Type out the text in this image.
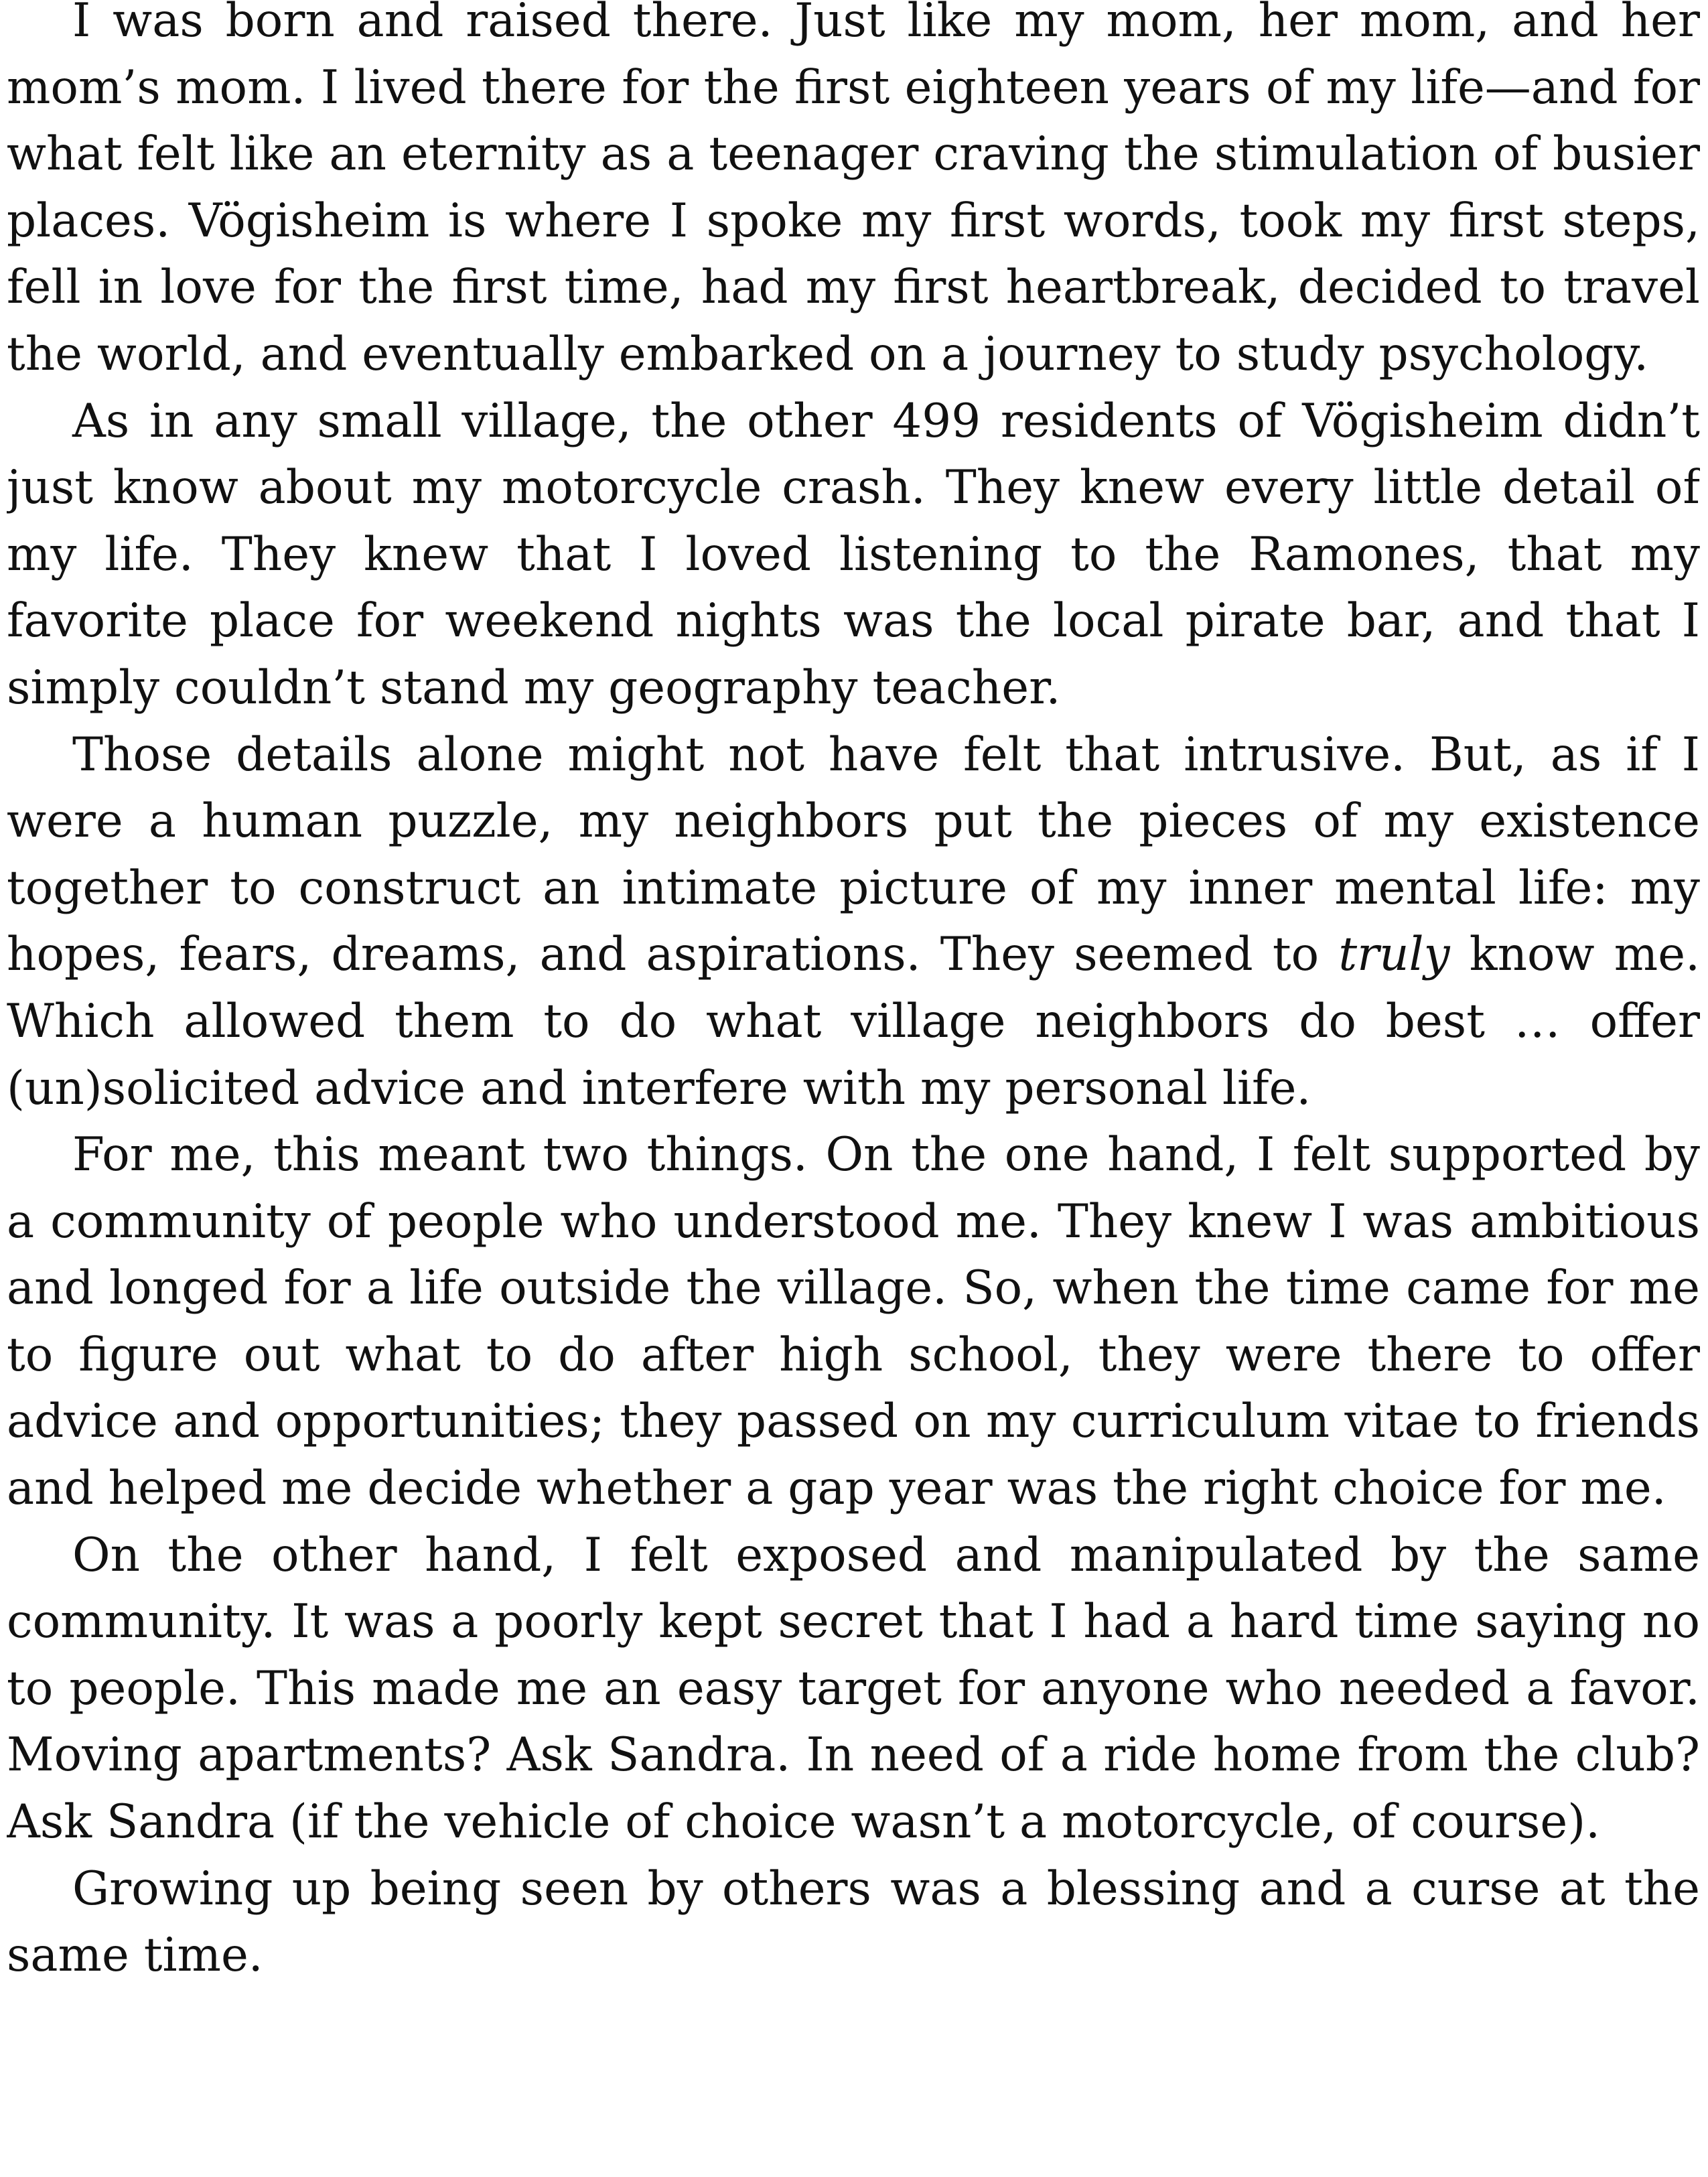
I was born and raised there. Just like my mom, her mom, and her mom’s mom. I lived there for the first eighteen years of my life—and for what felt like an eternity as a teenager craving the stimulation of busier places. Vögisheim is where I spoke my first words, took my first steps, fell in love for the first time, had my first heartbreak, decided to travel the world, and eventually embarked on a journey to study psychology.

As in any small village, the other 499 residents of Vögisheim didn’t just know about my motorcycle crash. They knew every little detail of my life. They knew that I loved listening to the Ramones, that my favorite place for weekend nights was the local pirate bar, and that I simply couldn’t stand my geography teacher.

Those details alone might not have felt that intrusive. But, as if I were a human puzzle, my neighbors put the pieces of my existence together to construct an intimate picture of my inner mental life: my hopes, fears, dreams, and aspirations. They seemed to truly know me. Which allowed them to do what village neighbors do best … offer (un)solicited advice and interfere with my personal life.

For me, this meant two things. On the one hand, I felt supported by a community of people who understood me. They knew I was ambitious and longed for a life outside the village. So, when the time came for me to figure out what to do after high school, they were there to offer advice and opportunities; they passed on my curriculum vitae to friends and helped me decide whether a gap year was the right choice for me.

On the other hand, I felt exposed and manipulated by the same community. It was a poorly kept secret that I had a hard time saying no to people. This made me an easy target for anyone who needed a favor. Moving apartments? Ask Sandra. In need of a ride home from the club? Ask Sandra (if the vehicle of choice wasn’t a motorcycle, of course).

Growing up being seen by others was a blessing and a curse at the same time.
